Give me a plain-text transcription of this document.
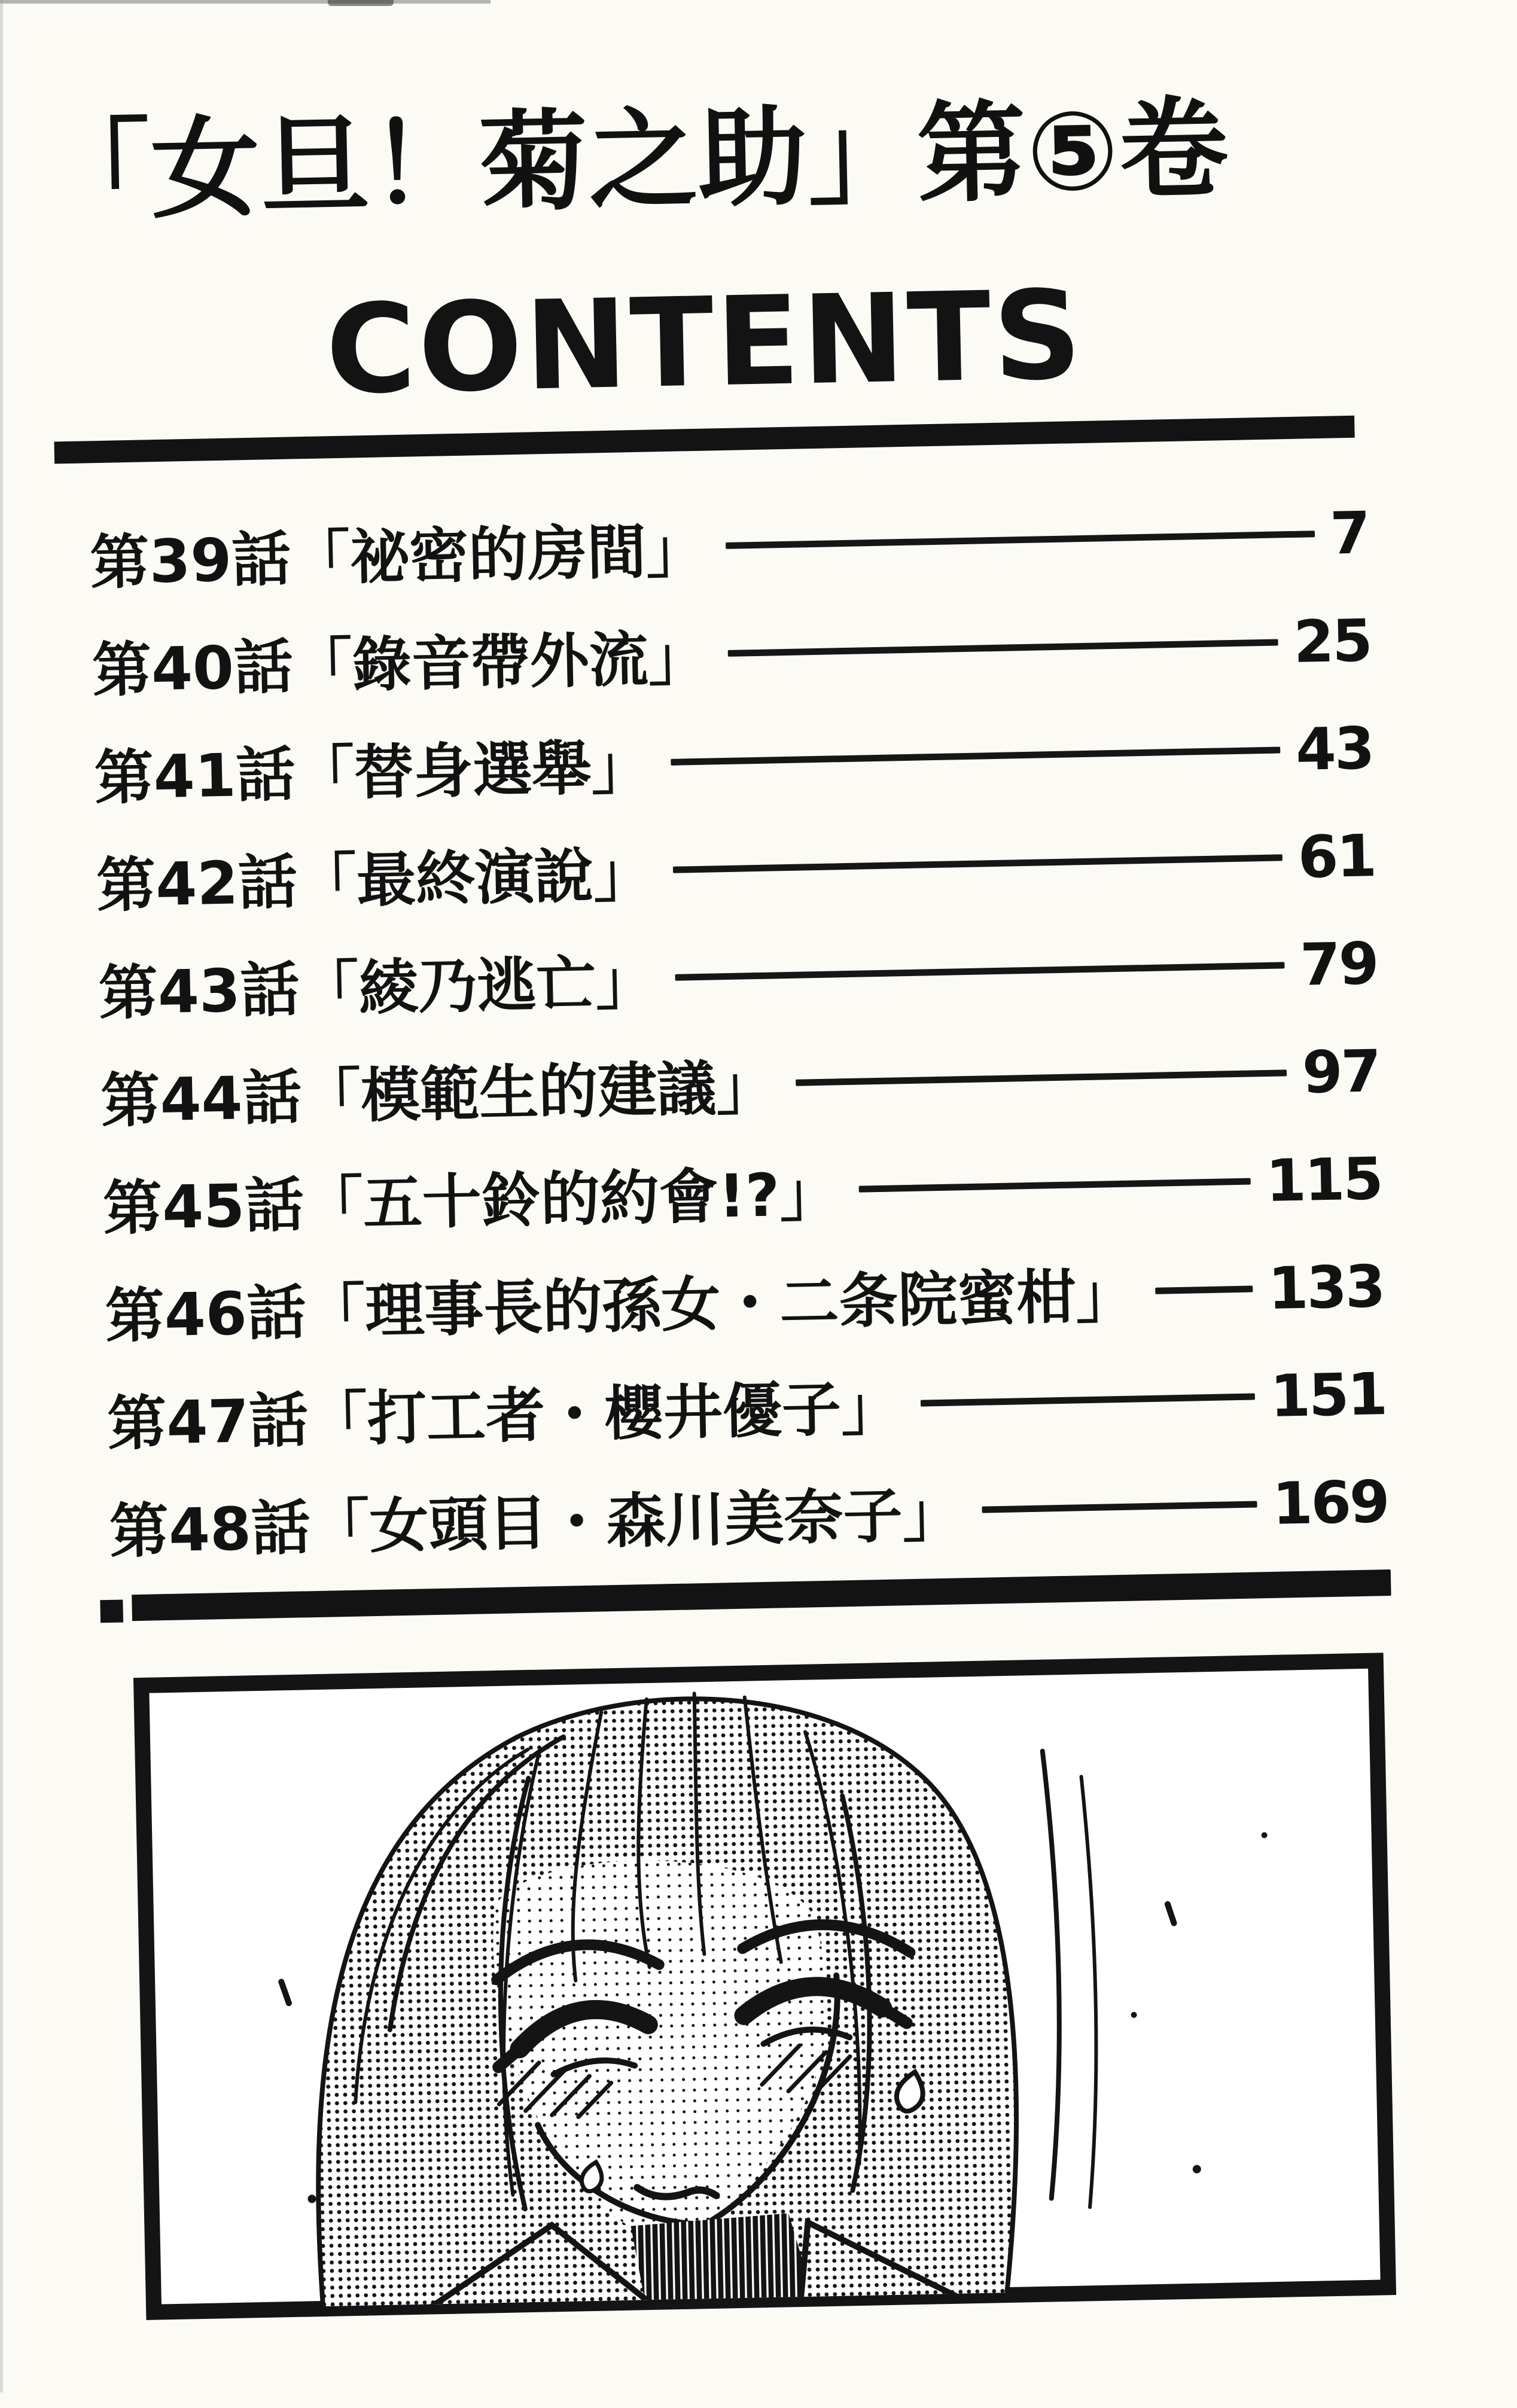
「女旦！菊之助」第⑤卷
CONTENTS
第39話「祕密的房間」	7
第40話「錄音帶外流」	25
第41話「替身選舉」	43
第42話「最終演說」	61
第43話「綾乃逃亡」	79
第44話「模範生的建議」	97
第45話「五十鈴的約會!?」	115
第46話「理事長的孫女・二条院蜜柑」 133
第47話「打工者・櫻井優子」	151
第48話「女頭目・森川美奈子」	169
